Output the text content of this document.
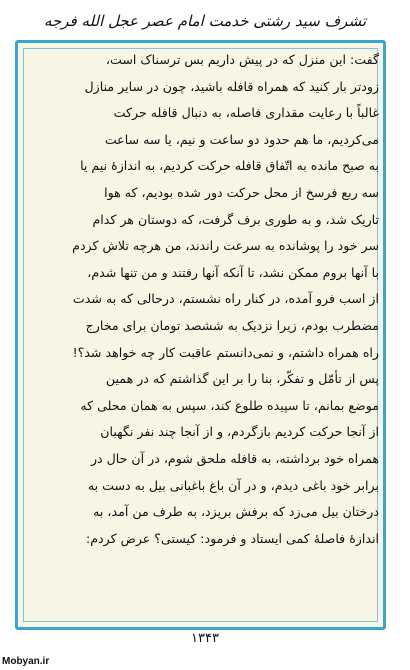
تشرف سید رشتی خدمت امام عصر عجل الله فرجه
گفت: این منزل که در پیش داریم بس ترسناک است،
زودتر بار کنید که همراه قافله باشید، چون در سایر منازل
غالباً با رعایت مقداری فاصله، به دنبال قافله حرکت
می‌کردیم، ما هم حدود دو ساعت و نیم، یا سه ساعت
به صبح مانده به اتّفاق قافله حرکت کردیم، به اندازهٔ نیم یا
سه ربع فرسخ از محل حرکت دور شده بودیم، که هوا
تاریک شد، و به طوری برف گرفت، که دوستان هر کدام
سر خود را پوشانده به سرعت راندند، من هرچه تلاش کردم
با آنها بروم ممکن نشد، تا آنکه آنها رفتند و من تنها شدم،
از اسب فرو آمده، در کنار راه نشستم، درحالی که به شدت
مضطرب بودم، زیرا نزدیک به ششصد تومان برای مخارج
راه همراه داشتم، و نمی‌دانستم عاقبت کار چه خواهد شد؟!
پس از تأمّل و تفکّر، بنا را بر این گذاشتم که در همین
موضع بمانم، تا سپیده طلوع کند، سپس به همان محلی که
از آنجا حرکت کردیم بازگردم، و از آنجا چند نفر نگهبان
همراه خود برداشته، به قافله ملحق شوم، در آن حال در
برابر خود باغی دیدم، و در آن باغ باغبانی بیل به دست به
درختان بیل می‌زد که برفش بریزد، به طرف من آمد، به
اندازهٔ فاصلهٔ کمی ایستاد و فرمود: کیستی؟ عرض کردم:
۱۳۴۳
Mobyan.ir
